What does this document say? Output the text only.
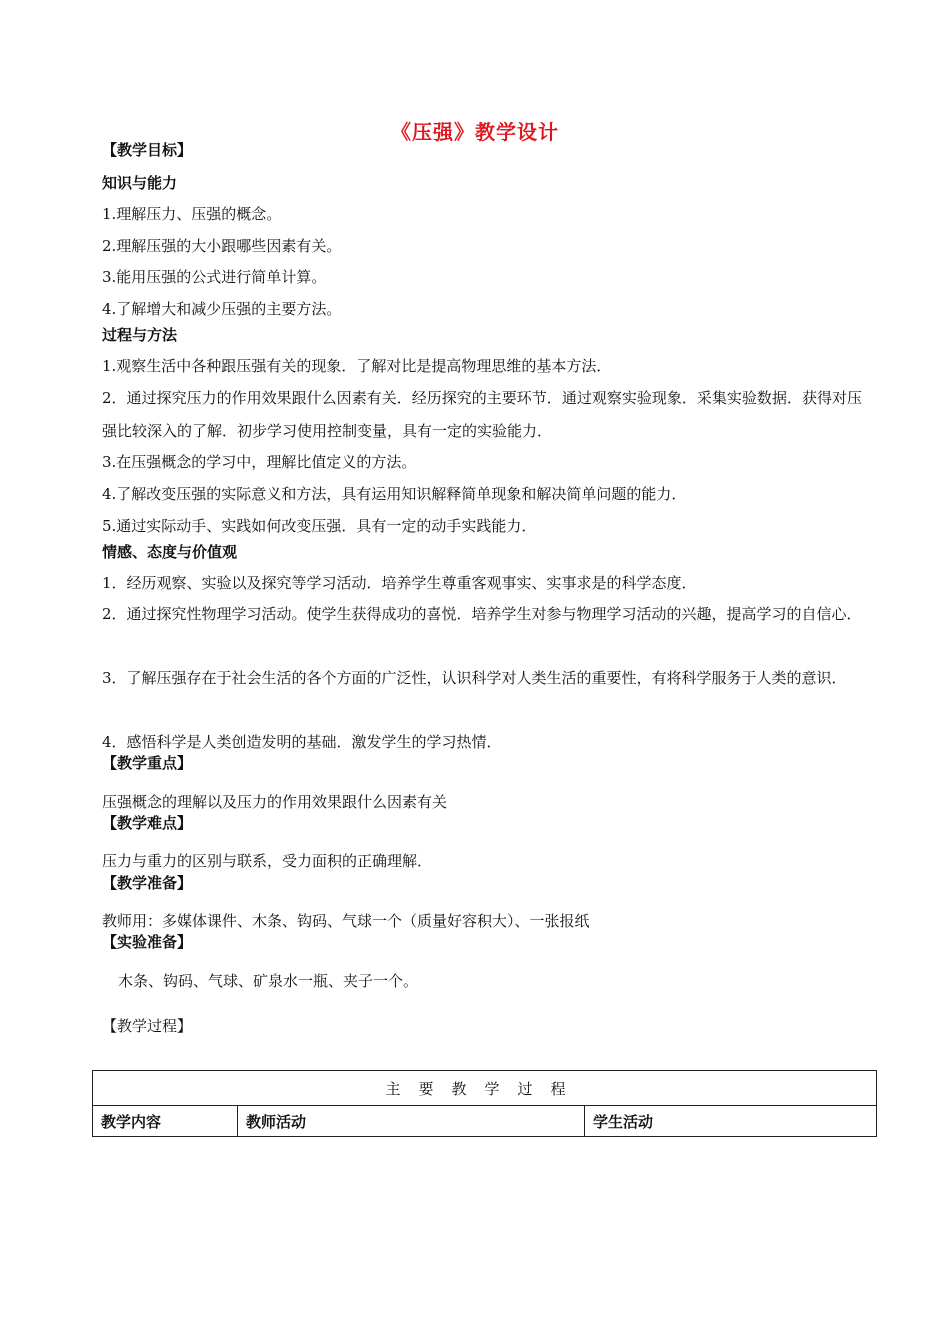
《压强》教学设计
【教学目标】
知识与能力
1.理解压力、压强的概念。
2.理解压强的大小跟哪些因素有关。
3.能用压强的公式进行简单计算。
4.了解增大和减少压强的主要方法。
过程与方法
1.观察生活中各种跟压强有关的现象．了解对比是提高物理思维的基本方法．
2．通过探究压力的作用效果跟什么因素有关．经历探究的主要环节．通过观察实验现象．采集实验数据．获得对压强比较深入的了解．初步学习使用控制变量，具有一定的实验能力．
3.在压强概念的学习中，理解比值定义的方法。
4.了解改变压强的实际意义和方法，具有运用知识解释简单现象和解决简单问题的能力．
5.通过实际动手、实践如何改变压强．具有一定的动手实践能力．
情感、态度与价值观
1．经历观察、实验以及探究等学习活动．培养学生尊重客观事实、实事求是的科学态度．
2．通过探究性物理学习活动。使学生获得成功的喜悦．培养学生对参与物理学习活动的兴趣，提高学习的自信心．
3．了解压强存在于社会生活的各个方面的广泛性，认识科学对人类生活的重要性，有将科学服务于人类的意识．
4．感悟科学是人类创造发明的基础．激发学生的学习热情．
【教学重点】
压强概念的理解以及压力的作用效果跟什么因素有关
【教学难点】
压力与重力的区别与联系，受力面积的正确理解．
【教学准备】
教师用：多媒体课件、木条、钩码、气球一个（质量好容积大）、一张报纸
【实验准备】
木条、钩码、气球、矿泉水一瓶、夹子一个。
【教学过程】
主要教学过程
教学内容	教师活动	学生活动
